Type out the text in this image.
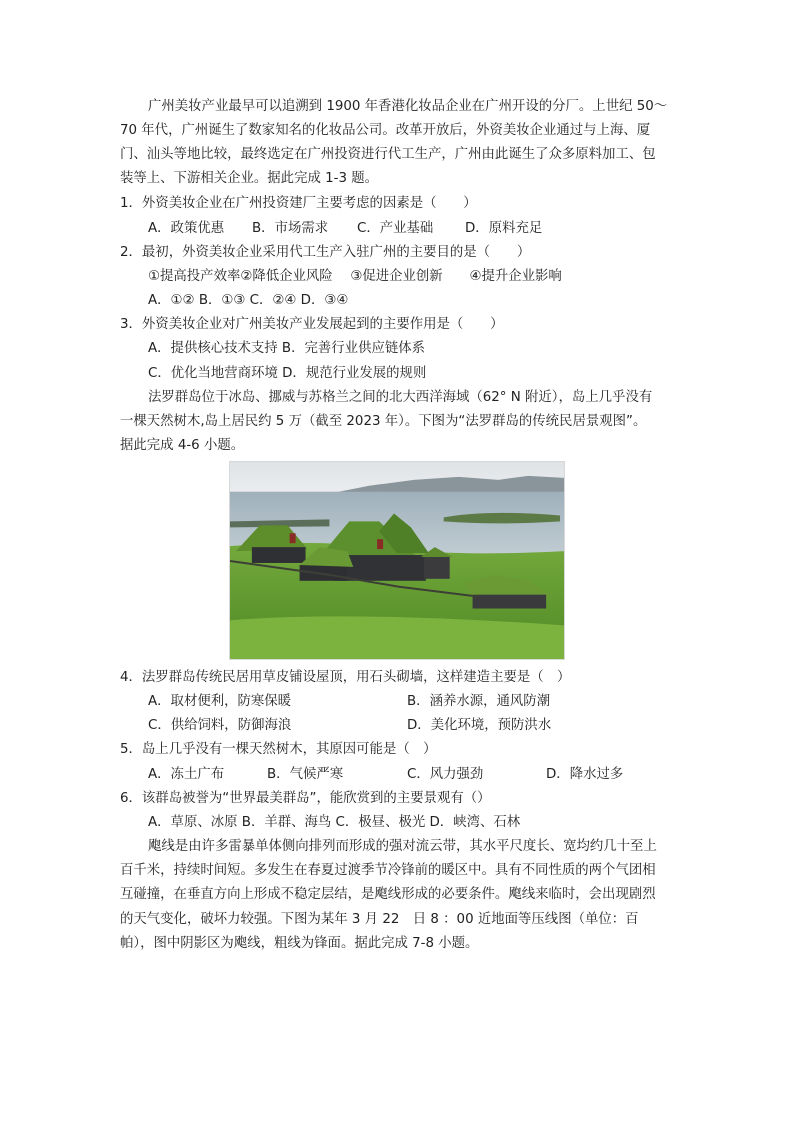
广州美妆产业最早可以追溯到 1900 年香港化妆品企业在广州开设的分厂。上世纪 50～
70 年代，广州诞生了数家知名的化妆品公司。改革开放后，外资美妆企业通过与上海、厦
门、汕头等地比较，最终选定在广州投资进行代工生产，广州由此诞生了众多原料加工、包
装等上、下游相关企业。据此完成 1-3 题。
1．外资美妆企业在广州投资建厂主要考虑的因素是（　　）
A．政策优惠 B．市场需求 C．产业基础 D．原料充足
2．最初，外资美妆企业采用代工生产入驻广州的主要目的是（　　）
①提高投产效率②降低企业风险　 ③促进企业创新　　④提升企业影响
A．①② B．①③ C．②④ D．③④
3．外资美妆企业对广州美妆产业发展起到的主要作用是（　　）
A．提供核心技术支持 B．完善行业供应链体系
C．优化当地营商环境 D．规范行业发展的规则
法罗群岛位于冰岛、挪威与苏格兰之间的北大西洋海域（62° N 附近），岛上几乎没有
一棵天然树木,岛上居民约 5 万（截至 2023 年）。下图为“法罗群岛的传统民居景观图”。
据此完成 4-6 小题。
4．法罗群岛传统民居用草皮铺设屋顶，用石头砌墙，这样建造主要是（　）
A．取材便利，防寒保暖	B．涵养水源，通风防潮
C．供给饲料，防御海浪	D．美化环境，预防洪水
5．岛上几乎没有一棵天然树木，其原因可能是（　）
A．冻土广布	B．气候严寒	C．风力强劲	D．降水过多
6．该群岛被誉为“世界最美群岛”，能欣赏到的主要景观有（）
A．草原、冰原 B．羊群、海鸟 C．极昼、极光 D．峡湾、石林
飑线是由许多雷暴单体侧向排列而形成的强对流云带，其水平尺度长、宽均约几十至上
百千米，持续时间短。多发生在春夏过渡季节冷锋前的暖区中。具有不同性质的两个气团相
互碰撞，在垂直方向上形成不稳定层结，是飑线形成的必要条件。飑线来临时，会出现剧烈
的天气变化，破坏力较强。下图为某年 3 月 22　日 8 ：00 近地面等压线图（单位：百
帕），图中阴影区为飑线，粗线为锋面。据此完成 7-8 小题。
